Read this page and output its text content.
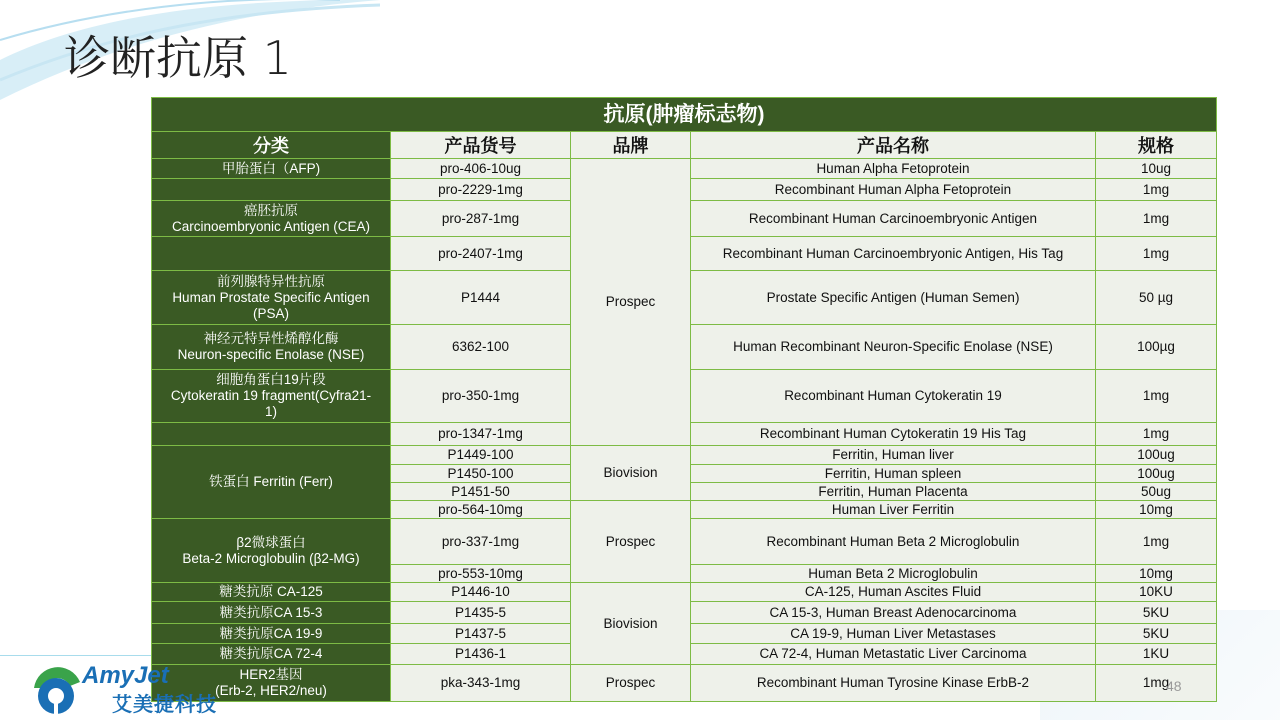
诊断抗原 1
抗原(肿瘤标志物)				
分类	产品货号	品牌	产品名称	规格

甲胎蛋白（AFP)	pro-406-10ug	Prospec	Human Alpha Fetoprotein	10ug

	pro-2229-1mg		Recombinant Human Alpha Fetoprotein	1mg

癌胚抗原
Carcinoembryonic Antigen (CEA)	pro-287-1mg		Recombinant Human Carcinoembryonic Antigen	1mg

	pro-2407-1mg		Recombinant Human Carcinoembryonic Antigen, His Tag	1mg

前列腺特异性抗原
Human Prostate Specific Antigen
(PSA)	P1444		Prostate Specific Antigen (Human Semen)	50 µg

神经元特异性烯醇化酶
Neuron-specific Enolase (NSE)	6362-100		Human Recombinant Neuron-Specific Enolase (NSE)	100µg

细胞角蛋白19片段
Cytokeratin 19 fragment(Cyfra21-
1)	pro-350-1mg		Recombinant Human Cytokeratin 19	1mg

	pro-1347-1mg		Recombinant Human Cytokeratin 19 His Tag	1mg

铁蛋白 Ferritin (Ferr)	P1449-100	Biovision	Ferritin, Human liver	100ug
	P1450-100		Ferritin, Human spleen	100ug
	P1451-50		Ferritin, Human Placenta	50ug
	pro-564-10mg	Prospec	Human Liver Ferritin	10mg

β2微球蛋白
Beta-2 Microglobulin (β2-MG)	pro-337-1mg		Recombinant Human Beta 2 Microglobulin	1mg
	pro-553-10mg		Human Beta 2 Microglobulin	10mg

糖类抗原 CA-125	P1446-10	Biovision	CA-125, Human Ascites Fluid	10KU

糖类抗原CA 15-3	P1435-5		CA 15-3, Human Breast Adenocarcinoma	5KU

糖类抗原CA 19-9	P1437-5		CA 19-9, Human Liver Metastases	5KU

糖类抗原CA 72-4	P1436-1		CA 72-4, Human Metastatic Liver Carcinoma	1KU

HER2基因
(Erb-2, HER2/neu)	pka-343-1mg	Prospec	Recombinant Human Tyrosine Kinase ErbB-2	1mg
AmyJet
艾美捷科技
48
